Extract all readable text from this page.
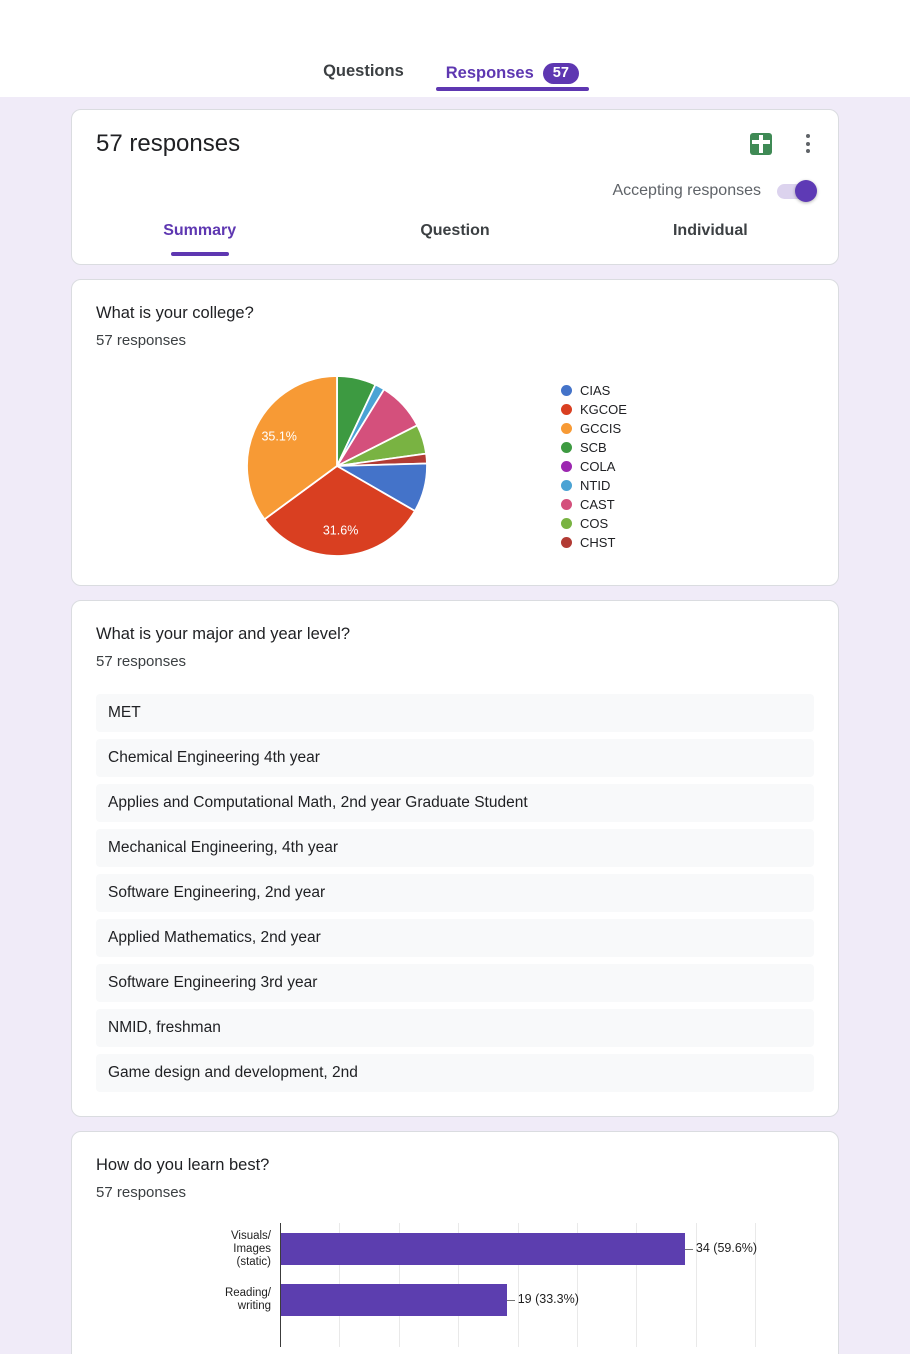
Questions	Responses	57
57 responses
Accepting responses
Summary	Question	Individual
What is your college?
57 responses
31.6%
35.1%
CIAS
KGCOE
GCCIS
SCB
COLA
NTID
CAST
COS
CHST
What is your major and year level?
57 responses
MET
Chemical Engineering 4th year
Applies and Computational Math, 2nd year Graduate Student
Mechanical Engineering, 4th year
Software Engineering, 2nd year
Applied Mathematics, 2nd year
Software Engineering 3rd year
NMID, freshman
Game design and development, 2nd
How do you learn best?
57 responses
Visuals/
Images
(static)
34 (59.6%)
Reading/
writing	19 (33.3%)
